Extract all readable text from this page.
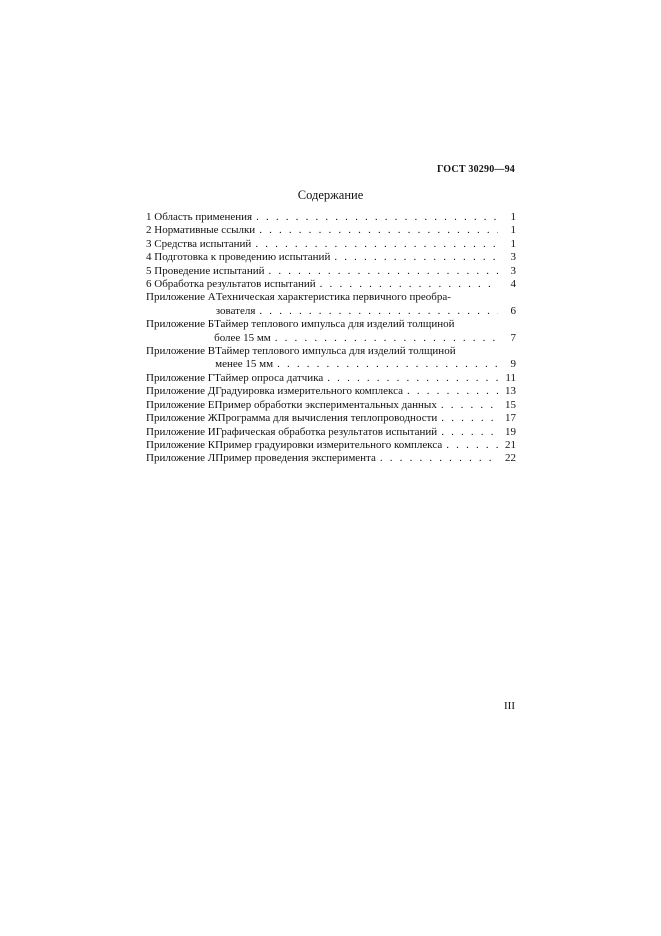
ГОСТ 30290—94
Содержание
1 Область применения . . .	1
2 Нормативные ссылки . . .	1
3 Средства испытаний . . .	1
4 Подготовка к проведению испытаний . . .	3
5 Проведение испытаний . . .	3
6 Обработка результатов испытаний . . .	4
Приложение А Техническая характеристика первичного преобра-
зователя . . .	6
Приложение Б Таймер теплового импульса для изделий толщиной
более 15 мм . . .	7
Приложение В Таймер теплового импульса для изделий толщиной
менее 15 мм . . .	9
Приложение Г Таймер опроса датчика . . .	11
Приложение Д Градуировка измерительного комплекса . . .	13
Приложение Е Пример обработки экспериментальных данных . . .	15
Приложение Ж Программа для вычисления теплопроводности . . .	17
Приложение И Графическая обработка результатов испытаний . . .	19
Приложение К Пример градуировки измерительного комплекса . . .	21
Приложение Л Пример проведения эксперимента . . .	22
III
